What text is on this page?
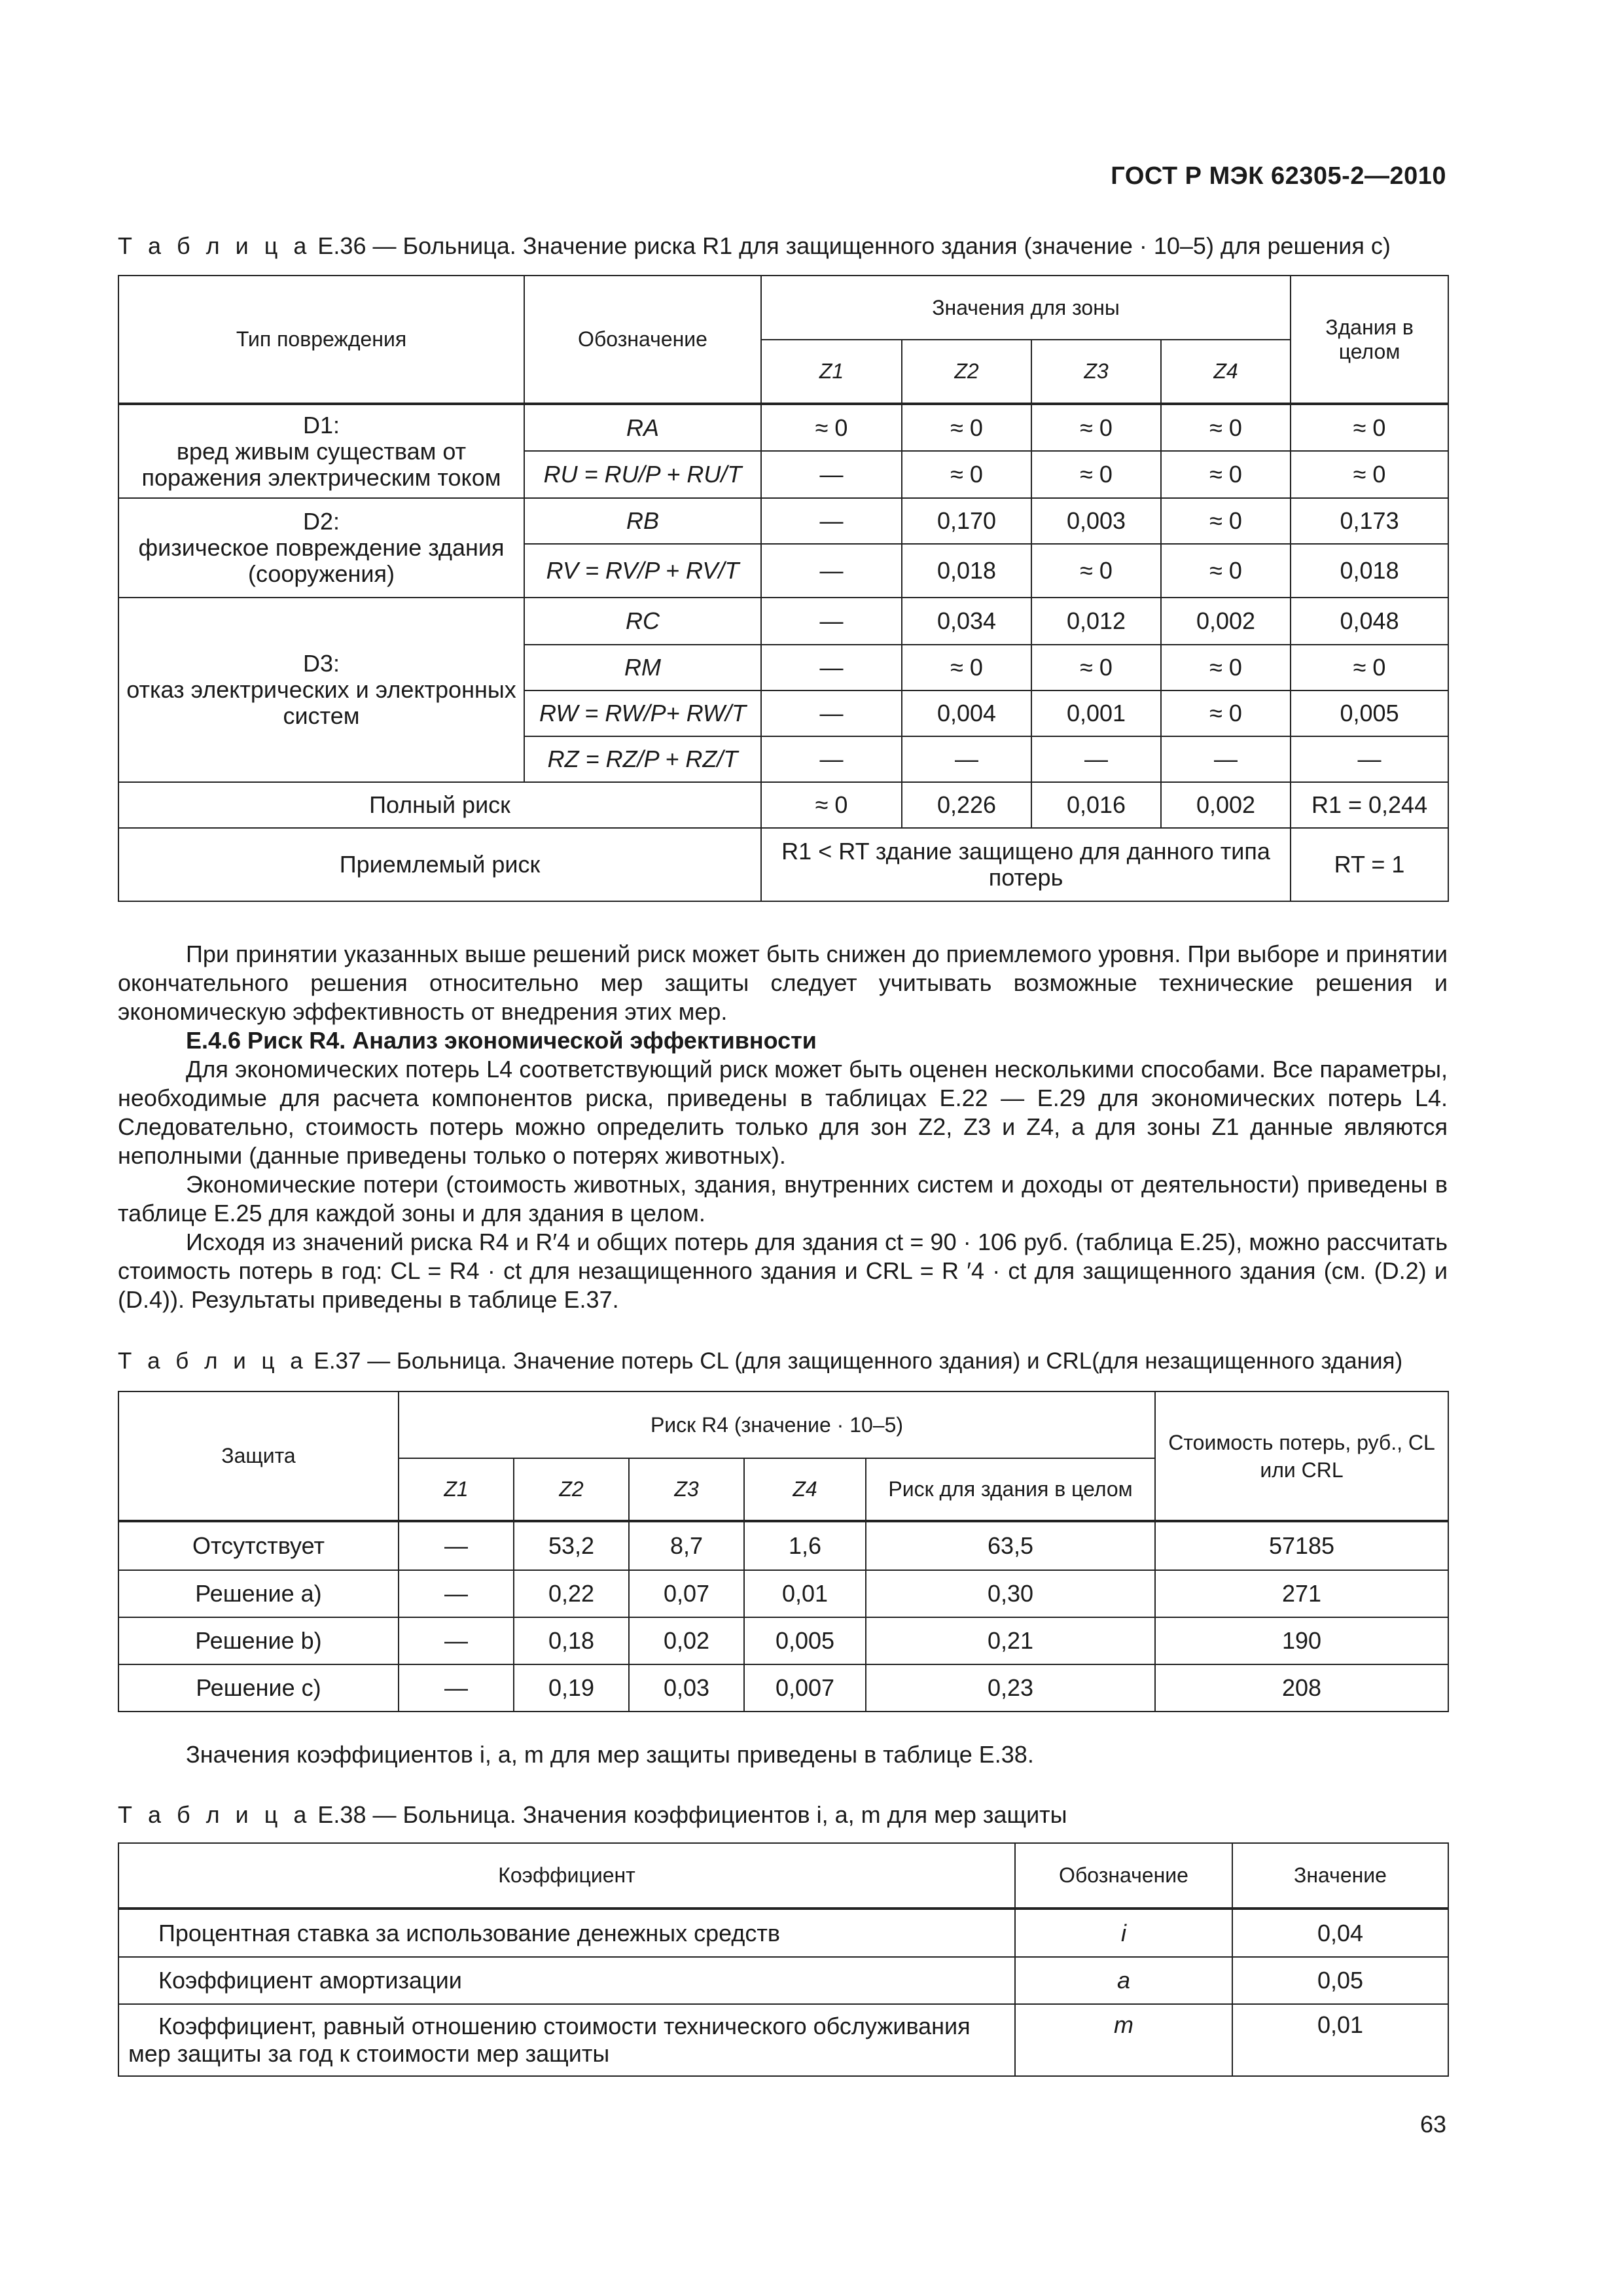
ГОСТ Р МЭК 62305-2—2010
Т а б л и ц а Е.36 — Больница. Значение риска R1 для защищенного здания (значение · 10–5) для решения с)
Тип повреждения	Обозначение	Значения для зоны				Здания в целом
		Z1	Z2	Z3	Z4	
D1:
вред живым существам от поражения электрическим током	RA	≈ 0	≈ 0	≈ 0	≈ 0	≈ 0
	RU = RU/P + RU/T	—	≈ 0	≈ 0	≈ 0	≈ 0
D2:
физическое повреждение здания (сооружения)	RB	—	0,170	0,003	≈ 0	0,173
	RV = RV/P + RV/T	—	0,018	≈ 0	≈ 0	0,018
D3:
отказ электрических и электронных систем	RC	—	0,034	0,012	0,002	0,048
	RM	—	≈ 0	≈ 0	≈ 0	≈ 0
	RW = RW/P+ RW/T	—	0,004	0,001	≈ 0	0,005
	RZ = RZ/P + RZ/T	—	—	—	—	—
Полный риск		≈ 0	0,226	0,016	0,002	R1 = 0,244
Приемлемый риск		R1 < RT здание защищено для данного типа потерь				RT = 1

При принятии указанных выше решений риск может быть снижен до приемлемого уровня. При выборе и принятии окончательного решения относительно мер защиты следует учитывать возможные технические решения и экономическую эффективность от внедрения этих мер.

Е.4.6 Риск R4. Анализ экономической эффективности

Для экономических потерь L4 соответствующий риск может быть оценен несколькими способами. Все параметры, необходимые для расчета компонентов риска, приведены в таблицах Е.22 — Е.29 для экономических потерь L4. Следовательно, стоимость потерь можно определить только для зон Z2, Z3 и Z4, а для зоны Z1 данные являются неполными (данные приведены только о потерях животных).

Экономические потери (стоимость животных, здания, внутренних систем и доходы от деятельности) приведены в таблице Е.25 для каждой зоны и для здания в целом.

Исходя из значений риска R4 и R′4 и общих потерь для здания ct = 90 · 106 руб. (таблица Е.25), можно рассчитать стоимость потерь в год: CL = R4 · ct для незащищенного здания и CRL = R ′4 · ct для защищенного здания (см. (D.2) и (D.4)). Результаты приведены в таблице Е.37.

Т а б л и ц а Е.37 — Больница. Значение потерь CL (для защищенного здания) и CRL(для незащищенного здания)
Защита	Риск R4 (значение · 10–5)					Стоимость потерь, руб., CL или CRL
	Z1	Z2	Z3	Z4	Риск для здания в целом	
Отсутствует	—	53,2	8,7	1,6	63,5	57185
Решение а)	—	0,22	0,07	0,01	0,30	271
Решение b)	—	0,18	0,02	0,005	0,21	190
Решение с)	—	0,19	0,03	0,007	0,23	208
Значения коэффициентов i, a, m для мер защиты приведены в таблице Е.38.
Т а б л и ц а Е.38 — Больница. Значения коэффициентов i, a, m для мер защиты
Коэффициент	Обозначение	Значение
Процентная ставка за использование денежных средств	i	0,04
Коэффициент амортизации	a	0,05
Коэффициент, равный отношению стоимости технического обслуживания мер защиты за год к стоимости мер защиты	m	0,01
63
